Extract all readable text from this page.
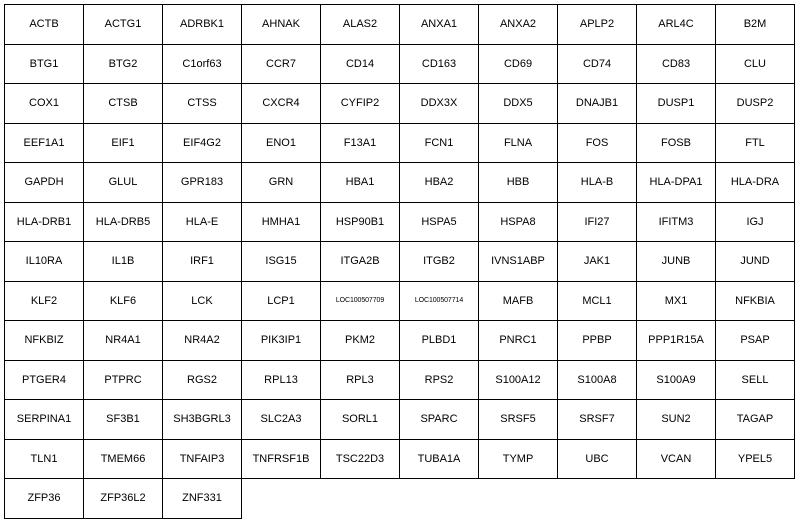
ACTB	ACTG1	ADRBK1	AHNAK	ALAS2	ANXA1	ANXA2	APLP2	ARL4C	B2M
BTG1	BTG2	C1orf63	CCR7	CD14	CD163	CD69	CD74	CD83	CLU
COX1	CTSB	CTSS	CXCR4	CYFIP2	DDX3X	DDX5	DNAJB1	DUSP1	DUSP2
EEF1A1	EIF1	EIF4G2	ENO1	F13A1	FCN1	FLNA	FOS	FOSB	FTL
GAPDH	GLUL	GPR183	GRN	HBA1	HBA2	HBB	HLA-B	HLA-DPA1	HLA-DRA
HLA-DRB1	HLA-DRB5	HLA-E	HMHA1	HSP90B1	HSPA5	HSPA8	IFI27	IFITM3	IGJ
IL10RA	IL1B	IRF1	ISG15	ITGA2B	ITGB2	IVNS1ABP	JAK1	JUNB	JUND
KLF2	KLF6	LCK	LCP1	LOC100507709	LOC100507714	MAFB	MCL1	MX1	NFKBIA
NFKBIZ	NR4A1	NR4A2	PIK3IP1	PKM2	PLBD1	PNRC1	PPBP	PPP1R15A	PSAP
PTGER4	PTPRC	RGS2	RPL13	RPL3	RPS2	S100A12	S100A8	S100A9	SELL
SERPINA1	SF3B1	SH3BGRL3	SLC2A3	SORL1	SPARC	SRSF5	SRSF7	SUN2	TAGAP
TLN1	TMEM66	TNFAIP3	TNFRSF1B	TSC22D3	TUBA1A	TYMP	UBC	VCAN	YPEL5
ZFP36	ZFP36L2	ZNF331
